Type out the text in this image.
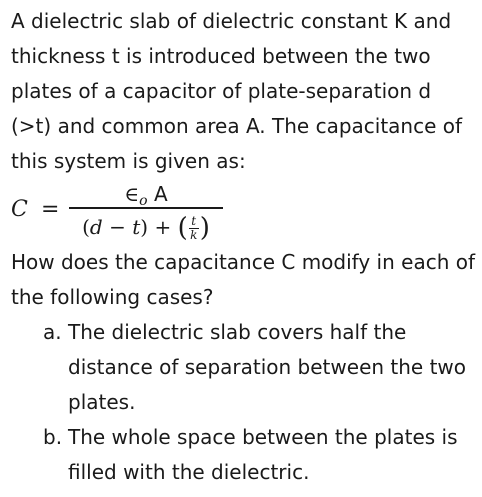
A dielectric slab of dielectric constant K and thickness t is introduced between the two plates of a capacitor of plate-separation d (>t) and common area A. The capacitance of this system is given as:

C =
$\in_o$ A
$(d - t) + (\frac{t}{k})$

How does the capacitance C modify in each of the following cases?

a. The dielectric slab covers half the distance of separation between the two plates.
b. The whole space between the plates is filled with the dielectric.
